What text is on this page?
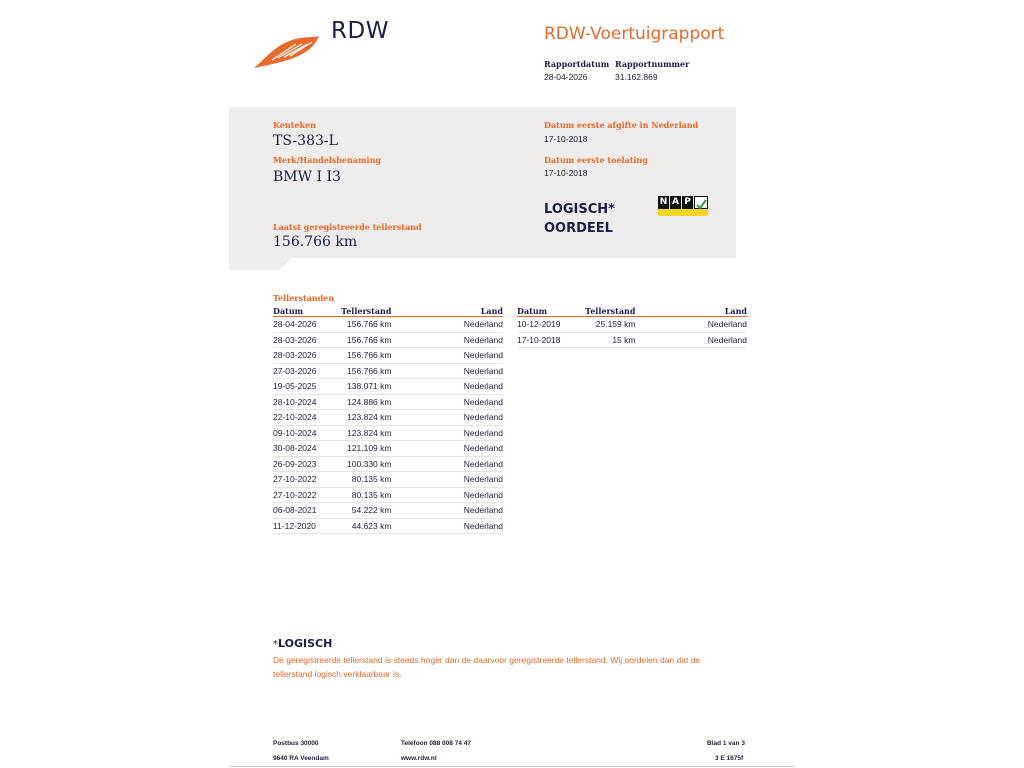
RDW	RDW-Voertuigrapport
Rapportdatum
28-04-2026
Rapportnummer
31.162.869
Kenteken
TS-383-L
Merk/Handelsbenaming
BMW I I3
Laatst geregistreerde tellerstand
156.766 km
Datum eerste afgifte in Nederland
17-10-2018
Datum eerste toelating
17-10-2018
LOGISCH*
OORDEEL
N A P
Tellerstanden
Datum	Tellerstand	Land
28-04-2026	156.766 km	Nederland
28-03-2026	156.766 km	Nederland
28-03-2026	156.766 km	Nederland
27-03-2026	156.766 km	Nederland
19-05-2025	138.071 km	Nederland
28-10-2024	124.886 km	Nederland
22-10-2024	123.824 km	Nederland
09-10-2024	123.824 km	Nederland
30-08-2024	121.109 km	Nederland
26-09-2023	100.330 km	Nederland
27-10-2022	80.135 km	Nederland
27-10-2022	80.135 km	Nederland
06-08-2021	54.222 km	Nederland
11-12-2020	44.623 km	Nederland
Datum	Tellerstand	Land
10-12-2019	25.159 km	Nederland
17-10-2018	15 km	Nederland
*LOGISCH
De geregistreerde tellerstand is steeds hoger dan de daarvoor geregistreerde tellerstand. Wij oordelen dan dat de tellerstand logisch verklaarbaar is.
Postbus 30000
9640 RA Veendam
Telefoon 088 008 74 47
www.rdw.nl
Blad 1 van 3
3 E 1675f
